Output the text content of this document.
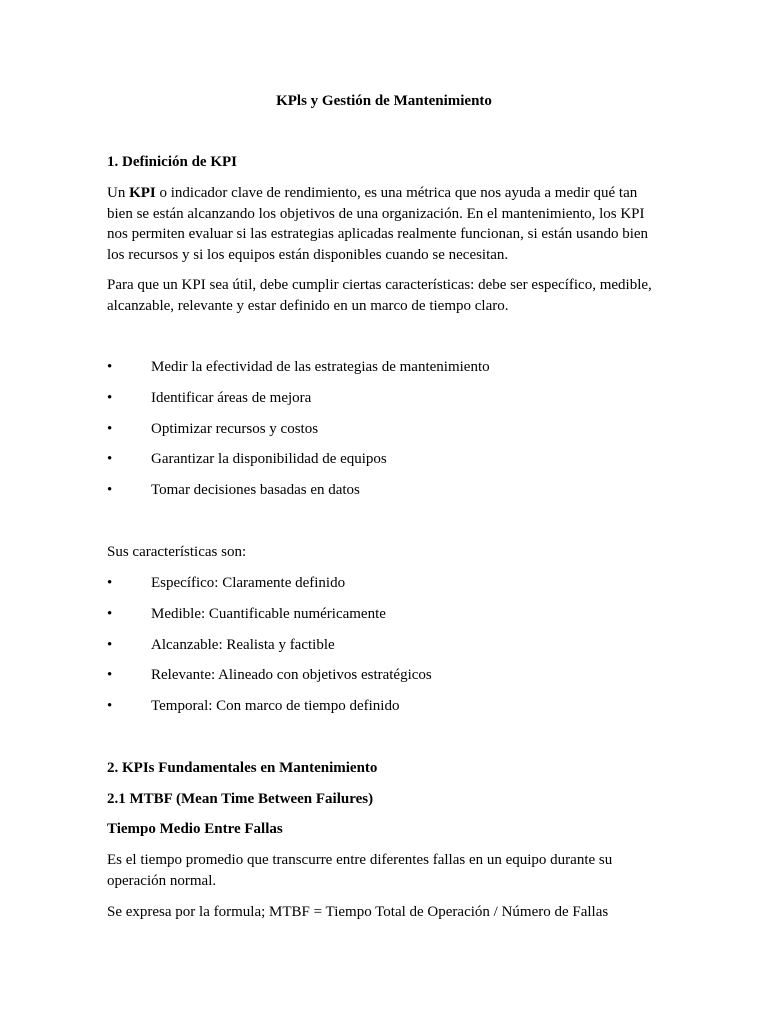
KPls y Gestión de Mantenimiento

1. Definición de KPI

Un KPI o indicador clave de rendimiento, es una métrica que nos ayuda a medir qué tan

bien se están alcanzando los objetivos de una organización. En el mantenimiento, los KPI

nos permiten evaluar si las estrategias aplicadas realmente funcionan, si están usando bien

los recursos y si los equipos están disponibles cuando se necesitan.

Para que un KPI sea útil, debe cumplir ciertas características: debe ser específico, medible,

alcanzable, relevante y estar definido en un marco de tiempo claro.

•	Medir la efectividad de las estrategias de mantenimiento
•	Identificar áreas de mejora
•	Optimizar recursos y costos
•	Garantizar la disponibilidad de equipos
•	Tomar decisiones basadas en datos

Sus características son:

•	Específico: Claramente definido
•	Medible: Cuantificable numéricamente
•	Alcanzable: Realista y factible
•	Relevante: Alineado con objetivos estratégicos
•	Temporal: Con marco de tiempo definido

2. KPIs Fundamentales en Mantenimiento

2.1 MTBF (Mean Time Between Failures)

Tiempo Medio Entre Fallas

Es el tiempo promedio que transcurre entre diferentes fallas en un equipo durante su

operación normal.

Se expresa por la formula; MTBF = Tiempo Total de Operación / Número de Fallas
